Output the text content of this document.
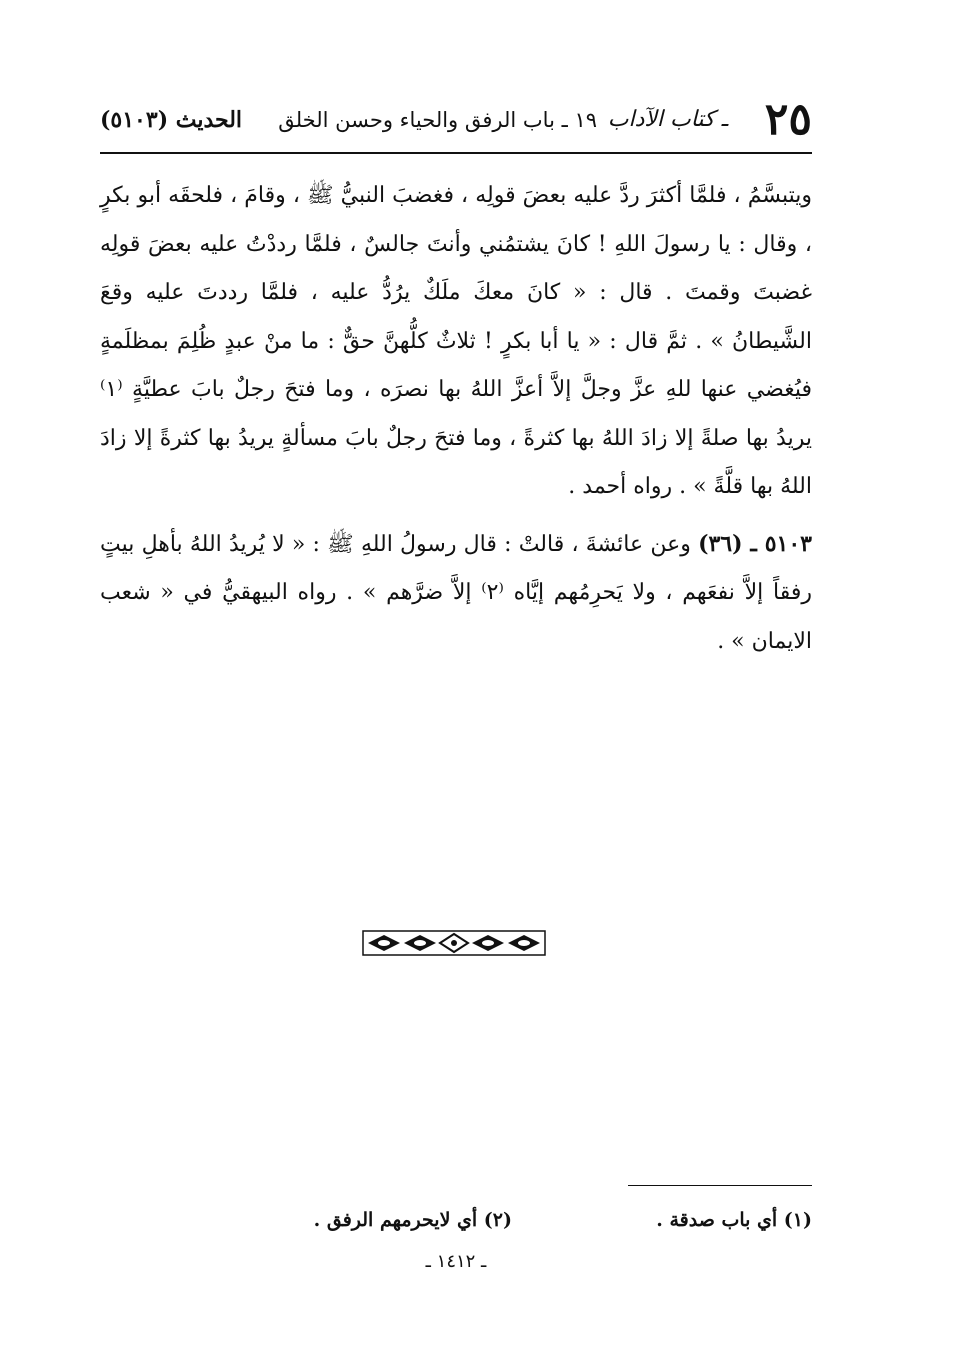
٢٥
ـ كتاب الآداب
١٩ ـ باب الرفق والحياء وحسن الخلق
الحديث (٥١٠٣)

ويتبسَّمُ ، فلمَّا أكثرَ ردَّ عليه بعضَ قولِه ، فغضبَ النبيُّ ﷺ ، وقامَ ، فلحقَه أبو بكرٍ ، وقال : يا رسولَ اللهِ ! كانَ يشتمُني وأنتَ جالسٌ ، فلمَّا رددْتُ عليه بعضَ قولِه غضبتَ وقمتَ . قال : « كانَ معكَ ملَكٌ يرُدُّ عليه ، فلمَّا رددتَ عليه وقعَ الشَّيطانُ » . ثمَّ قال : « يا أبا بكرٍ ! ثلاثٌ كلُّهنَّ حقٌّ : ما منْ عبدٍ ظُلِمَ بمظلَمةٍ فيُغضي عنها للهِ عزَّ وجلَّ إلاَّ أعزَّ اللهُ بها نصرَه ، وما فتحَ رجلٌ بابَ عطيَّةٍ ⁽١⁾ يريدُ بها صلةً إلا زادَ اللهُ بها كثرةً ، وما فتحَ رجلٌ بابَ مسألةٍ يريدُ بها كثرةً إلا زادَ اللهُ بها قلَّةً » . رواه أحمد .

٥١٠٣ ـ (٣٦) وعن عائشةَ ، قالتْ : قال رسولُ اللهِ ﷺ : « لا يُريدُ اللهُ بأهلِ بيتٍ رفقاً إلاَّ نفعَهم ، ولا يَحرِمُهم إيَّاه ⁽٢⁾ إلاَّ ضرَّهم » . رواه البيهقيُّ في « شعب الايمان » .

(١) أي باب صدقة .
(٢) أي لايحرمهم الرفق .
ـ ١٤١٢ ـ
